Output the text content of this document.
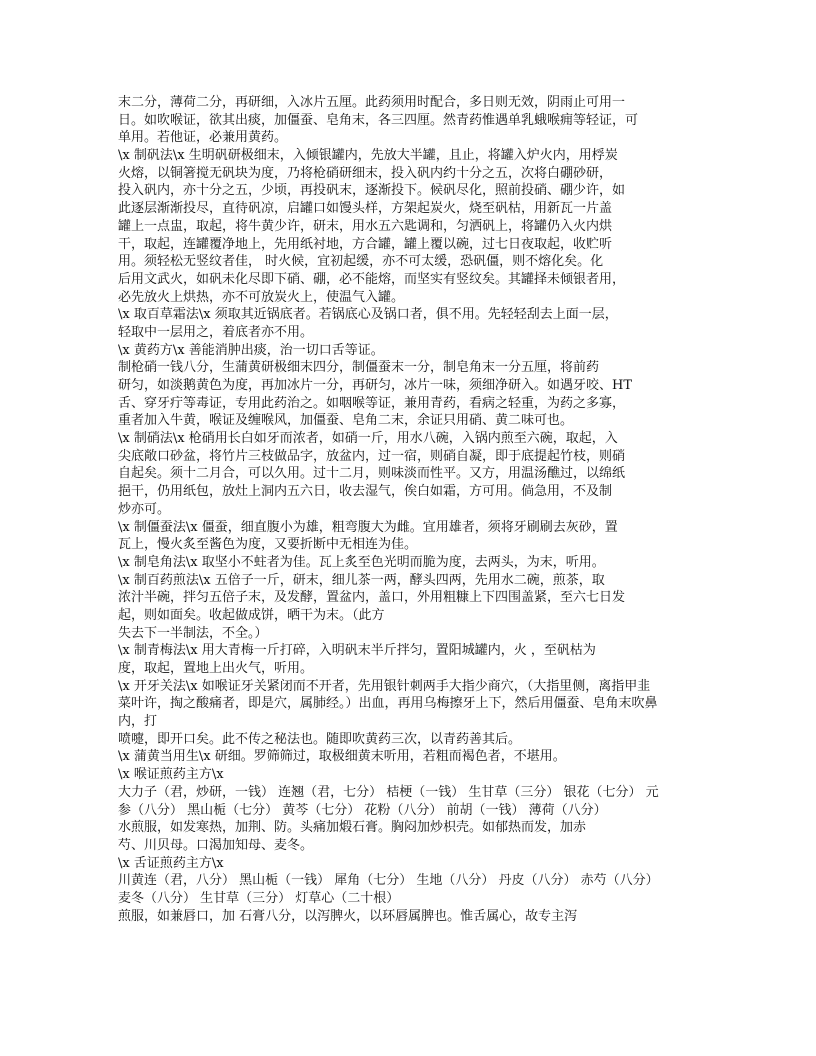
末二分，薄荷二分，再研细，入冰片五厘。此药须用时配合，多日则无效，阴雨止可用一
日。如吹喉证，欲其出痰，加僵蚕、皂角末，各三四厘。然青药惟遇单乳蛾喉痈等轻证，可
单用。若他证，必兼用黄药。
\x 制矾法\x 生明矾研极细末，入倾银罐内，先放大半罐，且止，将罐入炉火内，用桴炭
火熔，以铜箸搅无矾块为度，乃将枪硝研细末，投入矾内约十分之五，次将白硼砂研，
投入矾内，亦十分之五，少顷，再投矾末，逐渐投下。候矾尽化，照前投硝、硼少许，如
此逐层渐渐投尽，直待矾凉，启罐口如馒头样，方架起炭火，烧至矾枯，用新瓦一片盖
罐上一点盅，取起，将牛黄少许，研末，用水五六匙调和，匀洒矾上，将罐仍入火内烘
干，取起，连罐覆净地上，先用纸衬地，方合罐，罐上覆以碗，过七日夜取起，收贮听
用。须轻松无竖纹者佳， 时火候，宜初起缓，亦不可太缓，恐矾僵，则不熔化矣。化
后用文武火，如矾未化尽即下硝、硼，必不能熔，而坚实有竖纹矣。其罐择未倾银者用，
必先放火上烘热，亦不可放炭火上，使温气入罐。
\x 取百草霜法\x 须取其近锅底者。若锅底心及锅口者，俱不用。先轻轻刮去上面一层，
轻取中一层用之，着底者亦不用。
\x 黄药方\x 善能消肿出痰，治一切口舌等证。
制枪硝一钱八分，生蒲黄研极细末四分，制僵蚕末一分，制皂角末一分五厘，将前药
研匀，如淡鹅黄色为度，再加冰片一分，再研匀，冰片一味，须细净研入。如遇牙咬、HT
舌、穿牙疔等毒证，专用此药治之。如咽喉等证，兼用青药，看病之轻重，为药之多寡，
重者加入牛黄，喉证及缠喉风，加僵蚕、皂角二末，余证只用硝、黄二味可也。
\x 制硝法\x 枪硝用长白如牙而浓者，如硝一斤，用水八碗，入锅内煎至六碗，取起，入
尖底敞口砂盆，将竹片三枝做品字，放盆内，过一宿，则硝自凝，即于底提起竹枝，则硝
自起矣。须十二月合，可以久用。过十二月，则味淡而性平。又方，用温汤醮过，以绵纸
挹干，仍用纸包，放灶上洞内五六日，收去湿气，俟白如霜，方可用。倘急用，不及制
炒亦可。
\x 制僵蚕法\x 僵蚕，细直腹小为雄，粗弯腹大为雌。宜用雄者，须将牙刷刷去灰砂，置
瓦上，慢火炙至酱色为度，又要折断中无相连为佳。
\x 制皂角法\x 取坚小不蛀者为佳。瓦上炙至色光明而脆为度，去两头，为末，听用。
\x 制百药煎法\x 五倍子一斤，研末，细儿茶一两，酵头四两，先用水二碗，煎茶，取
浓汁半碗，拌匀五倍子末，及发酵，置盆内，盖口，外用粗糠上下四围盖紧，至六七日发
起，则如面矣。收起做成饼，晒干为末。（此方
失去下一半制法，不全。）
\x 制青梅法\x 用大青梅一斤打碎，入明矾末半斤拌匀，置阳城罐内，火 ，至矾枯为
度，取起，置地上出火气，听用。
\x 开牙关法\x 如喉证牙关紧闭而不开者，先用银针刺两手大指少商穴，（大指里侧，离指甲韭
菜叶许，掏之酸痛者，即是穴，属肺经。）出血，再用乌梅擦牙上下，然后用僵蚕、皂角末吹鼻
内，打
喷嚏，即开口矣。此不传之秘法也。随即吹黄药三次，以青药善其后。
\x 蒲黄当用生\x 研细。罗筛筛过，取极细黄末听用，若粗而褐色者，不堪用。
\x 喉证煎药主方\x
大力子（君，炒研，一钱） 连翘（君，七分） 桔梗（一钱） 生甘草（三分） 银花（七分） 元
参（八分） 黑山栀（七分） 黄芩（七分） 花粉（八分） 前胡（一钱） 薄荷（八分）
水煎服，如发寒热，加荆、防。头痛加煅石膏。胸闷加炒枳壳。如郁热而发，加赤
芍、川贝母。口渴加知母、麦冬。
\x 舌证煎药主方\x
川黄连（君，八分） 黑山栀（一钱） 犀角（七分） 生地（八分） 丹皮（八分） 赤芍（八分）
麦冬（八分） 生甘草（三分） 灯草心（二十根）
煎服，如兼唇口，加 石膏八分，以泻脾火，以环唇属脾也。惟舌属心，故专主泻
